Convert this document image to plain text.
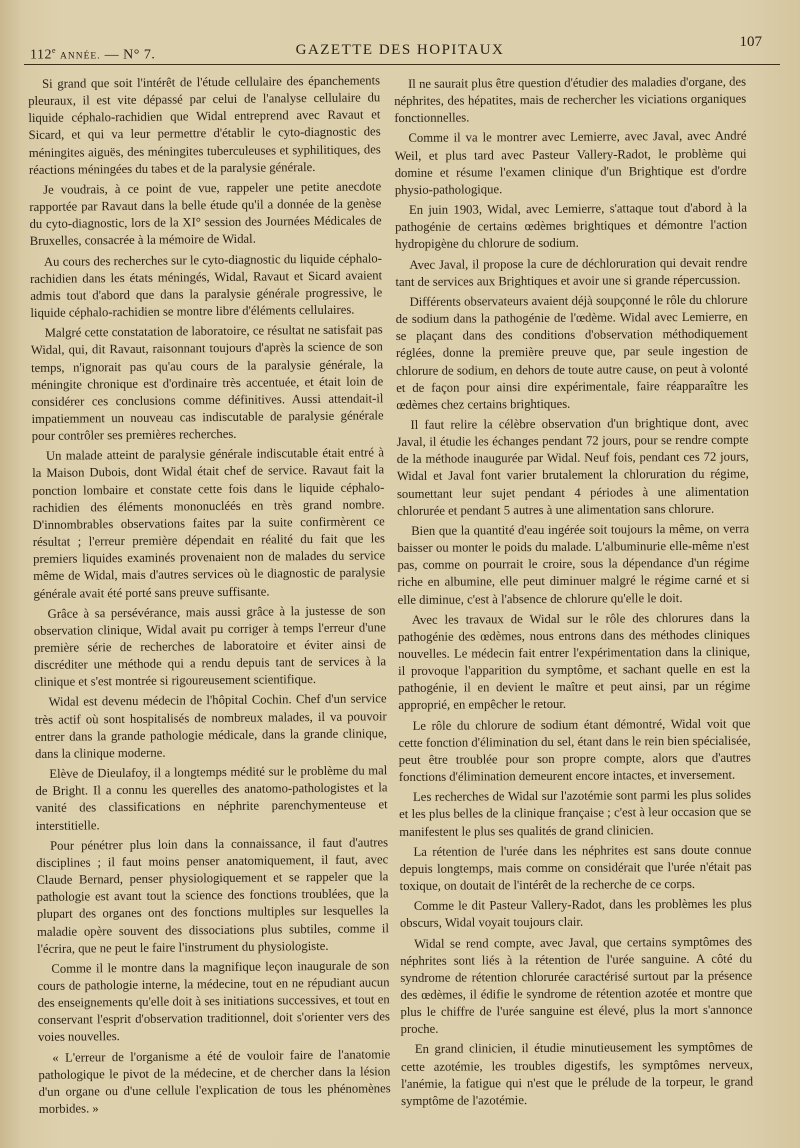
112e ANNÉE. — N° 7.	GAZETTE DES HOPITAUX	107

Si grand que soit l'intérêt de l'étude cellulaire des épanchements pleuraux, il est vite dépassé par celui de l'analyse cellulaire du liquide céphalo-rachidien que Widal entreprend avec Ravaut et Sicard, et qui va leur permettre d'établir le cyto-diagnostic des méningites aiguës, des méningites tuberculeuses et syphilitiques, des réactions méningées du tabes et de la paralysie générale.

Je voudrais, à ce point de vue, rappeler une petite anecdote rapportée par Ravaut dans la belle étude qu'il a donnée de la genèse du cyto-diagnostic, lors de la XI° session des Journées Médicales de Bruxelles, consacrée à la mémoire de Widal.

Au cours des recherches sur le cyto-diagnostic du liquide céphalo-rachidien dans les états méningés, Widal, Ravaut et Sicard avaient admis tout d'abord que dans la paralysie générale progressive, le liquide céphalo-rachidien se montre libre d'éléments cellulaires.

Malgré cette constatation de laboratoire, ce résultat ne satisfait pas Widal, qui, dit Ravaut, raisonnant toujours d'après la science de son temps, n'ignorait pas qu'au cours de la paralysie générale, la méningite chronique est d'ordinaire très accentuée, et était loin de considérer ces conclusions comme définitives. Aussi attendait-il impatiemment un nouveau cas indiscutable de paralysie générale pour contrôler ses premières recherches.

Un malade atteint de paralysie générale indiscutable était entré à la Maison Dubois, dont Widal était chef de service. Ravaut fait la ponction lombaire et constate cette fois dans le liquide céphalo-rachidien des éléments mononucléés en très grand nombre. D'innombrables observations faites par la suite confirmèrent ce résultat ; l'erreur première dépendait en réalité du fait que les premiers liquides examinés provenaient non de malades du service même de Widal, mais d'autres services où le diagnostic de paralysie générale avait été porté sans preuve suffisante.

Grâce à sa persévérance, mais aussi grâce à la justesse de son observation clinique, Widal avait pu corriger à temps l'erreur d'une première série de recherches de laboratoire et éviter ainsi de discréditer une méthode qui a rendu depuis tant de services à la clinique et s'est montrée si rigoureusement scientifique.

Widal est devenu médecin de l'hôpital Cochin. Chef d'un service très actif où sont hospitalisés de nombreux malades, il va pouvoir entrer dans la grande pathologie médicale, dans la grande clinique, dans la clinique moderne.

Elève de Dieulafoy, il a longtemps médité sur le problème du mal de Bright. Il a connu les querelles des anatomo-pathologistes et la vanité des classifications en néphrite parenchymenteuse et interstitielle.

Pour pénétrer plus loin dans la connaissance, il faut d'autres disciplines ; il faut moins penser anatomiquement, il faut, avec Claude Bernard, penser physiologiquement et se rappeler que la pathologie est avant tout la science des fonctions troublées, que la plupart des organes ont des fonctions multiples sur lesquelles la maladie opère souvent des dissociations plus subtiles, comme il l'écrira, que ne peut le faire l'instrument du physiologiste.

Comme il le montre dans la magnifique leçon inaugurale de son cours de pathologie interne, la médecine, tout en ne répudiant aucun des enseignements qu'elle doit à ses initiations successives, et tout en conservant l'esprit d'observation traditionnel, doit s'orienter vers des voies nouvelles.

« L'erreur de l'organisme a été de vouloir faire de l'anatomie pathologique le pivot de la médecine, et de chercher dans la lésion d'un organe ou d'une cellule l'explication de tous les phénomènes morbides. »

Il ne saurait plus être question d'étudier des maladies d'organe, des néphrites, des hépatites, mais de rechercher les viciations organiques fonctionnelles.

Comme il va le montrer avec Lemierre, avec Javal, avec André Weil, et plus tard avec Pasteur Vallery-Radot, le problème qui domine et résume l'examen clinique d'un Brightique est d'ordre physio-pathologique.

En juin 1903, Widal, avec Lemierre, s'attaque tout d'abord à la pathogénie de certains œdèmes brightiques et démontre l'action hydropigène du chlorure de sodium.

Avec Javal, il propose la cure de déchloruration qui devait rendre tant de services aux Brightiques et avoir une si grande répercussion.

Différents observateurs avaient déjà soupçonné le rôle du chlorure de sodium dans la pathogénie de l'œdème. Widal avec Lemierre, en se plaçant dans des conditions d'observation méthodiquement réglées, donne la première preuve que, par seule ingestion de chlorure de sodium, en dehors de toute autre cause, on peut à volonté et de façon pour ainsi dire expérimentale, faire réapparaître les œdèmes chez certains brightiques.

Il faut relire la célèbre observation d'un brightique dont, avec Javal, il étudie les échanges pendant 72 jours, pour se rendre compte de la méthode inaugurée par Widal. Neuf fois, pendant ces 72 jours, Widal et Javal font varier brutalement la chloruration du régime, soumettant leur sujet pendant 4 périodes à une alimentation chlorurée et pendant 5 autres à une alimentation sans chlorure.

Bien que la quantité d'eau ingérée soit toujours la même, on verra baisser ou monter le poids du malade. L'albuminurie elle-même n'est pas, comme on pourrait le croire, sous la dépendance d'un régime riche en albumine, elle peut diminuer malgré le régime carné et si elle diminue, c'est à l'absence de chlorure qu'elle le doit.

Avec les travaux de Widal sur le rôle des chlorures dans la pathogénie des œdèmes, nous entrons dans des méthodes cliniques nouvelles. Le médecin fait entrer l'expérimentation dans la clinique, il provoque l'apparition du symptôme, et sachant quelle en est la pathogénie, il en devient le maître et peut ainsi, par un régime approprié, en empêcher le retour.

Le rôle du chlorure de sodium étant démontré, Widal voit que cette fonction d'élimination du sel, étant dans le rein bien spécialisée, peut être troublée pour son propre compte, alors que d'autres fonctions d'élimination demeurent encore intactes, et inversement.

Les recherches de Widal sur l'azotémie sont parmi les plus solides et les plus belles de la clinique française ; c'est à leur occasion que se manifestent le plus ses qualités de grand clinicien.

La rétention de l'urée dans les néphrites est sans doute connue depuis longtemps, mais comme on considérait que l'urée n'était pas toxique, on doutait de l'intérêt de la recherche de ce corps.

Comme le dit Pasteur Vallery-Radot, dans les problèmes les plus obscurs, Widal voyait toujours clair.

Widal se rend compte, avec Javal, que certains symptômes des néphrites sont liés à la rétention de l'urée sanguine. A côté du syndrome de rétention chlorurée caractérisé surtout par la présence des œdèmes, il édifie le syndrome de rétention azotée et montre que plus le chiffre de l'urée sanguine est élevé, plus la mort s'annonce proche.

En grand clinicien, il étudie minutieusement les symptômes de cette azotémie, les troubles digestifs, les symptômes nerveux, l'anémie, la fatigue qui n'est que le prélude de la torpeur, le grand symptôme de l'azotémie.
